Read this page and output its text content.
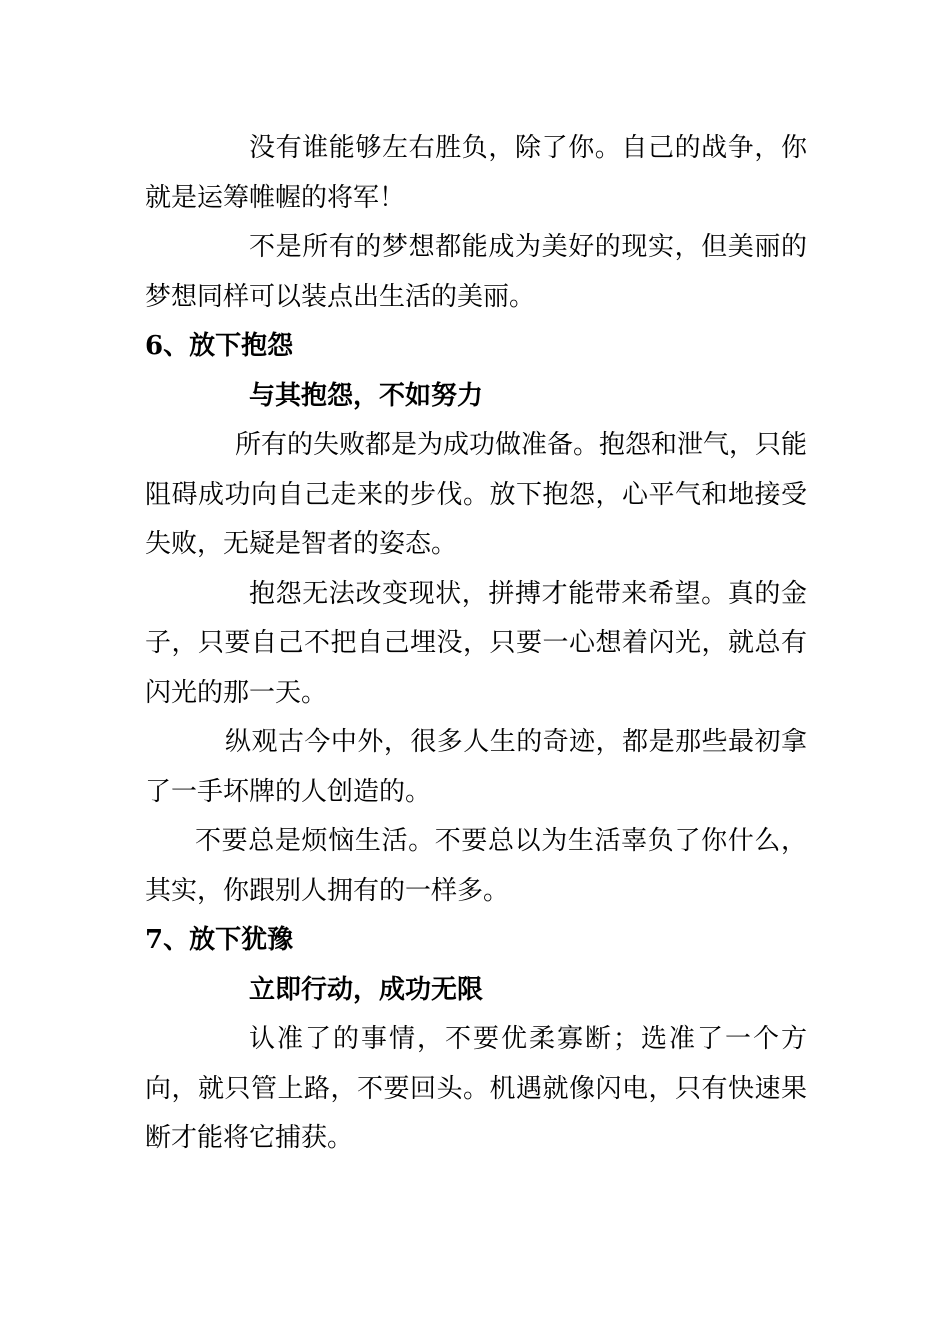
没有谁能够左右胜负，除了你。自己的战争，你就是运筹帷幄的将军！

不是所有的梦想都能成为美好的现实，但美丽的梦想同样可以装点出生活的美丽。

6、放下抱怨

与其抱怨，不如努力

所有的失败都是为成功做准备。抱怨和泄气，只能阻碍成功向自己走来的步伐。放下抱怨，心平气和地接受失败，无疑是智者的姿态。

抱怨无法改变现状，拼搏才能带来希望。真的金子，只要自己不把自己埋没，只要一心想着闪光，就总有闪光的那一天。

纵观古今中外，很多人生的奇迹，都是那些最初拿了一手坏牌的人创造的。

不要总是烦恼生活。不要总以为生活辜负了你什么，其实，你跟别人拥有的一样多。

7、放下犹豫

立即行动，成功无限

认准了的事情，不要优柔寡断；选准了一个方向，就只管上路，不要回头。机遇就像闪电，只有快速果断才能将它捕获。
